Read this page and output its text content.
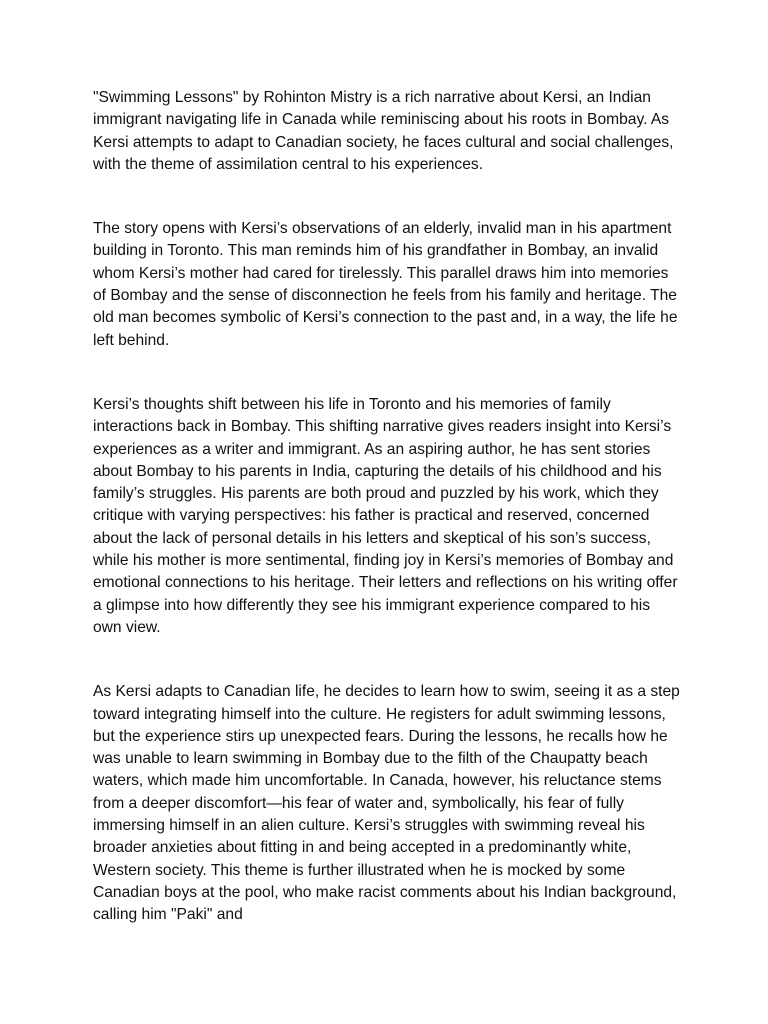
"Swimming Lessons" by Rohinton Mistry is a rich narrative about Kersi, an Indian immigrant navigating life in Canada while reminiscing about his roots in Bombay. As Kersi attempts to adapt to Canadian society, he faces cultural and social challenges, with the theme of assimilation central to his experiences.

The story opens with Kersi’s observations of an elderly, invalid man in his apartment building in Toronto. This man reminds him of his grandfather in Bombay, an invalid whom Kersi’s mother had cared for tirelessly. This parallel draws him into memories of Bombay and the sense of disconnection he feels from his family and heritage. The old man becomes symbolic of Kersi’s connection to the past and, in a way, the life he left behind.

Kersi’s thoughts shift between his life in Toronto and his memories of family interactions back in Bombay. This shifting narrative gives readers insight into Kersi’s experiences as a writer and immigrant. As an aspiring author, he has sent stories about Bombay to his parents in India, capturing the details of his childhood and his family’s struggles. His parents are both proud and puzzled by his work, which they critique with varying perspectives: his father is practical and reserved, concerned about the lack of personal details in his letters and skeptical of his son’s success, while his mother is more sentimental, finding joy in Kersi’s memories of Bombay and emotional connections to his heritage. Their letters and reflections on his writing offer a glimpse into how differently they see his immigrant experience compared to his own view.

As Kersi adapts to Canadian life, he decides to learn how to swim, seeing it as a step toward integrating himself into the culture. He registers for adult swimming lessons, but the experience stirs up unexpected fears. During the lessons, he recalls how he was unable to learn swimming in Bombay due to the filth of the Chaupatty beach waters, which made him uncomfortable. In Canada, however, his reluctance stems from a deeper discomfort—his fear of water and, symbolically, his fear of fully immersing himself in an alien culture. Kersi’s struggles with swimming reveal his broader anxieties about fitting in and being accepted in a predominantly white, Western society. This theme is further illustrated when he is mocked by some Canadian boys at the pool, who make racist comments about his Indian background, calling him "Paki" and
